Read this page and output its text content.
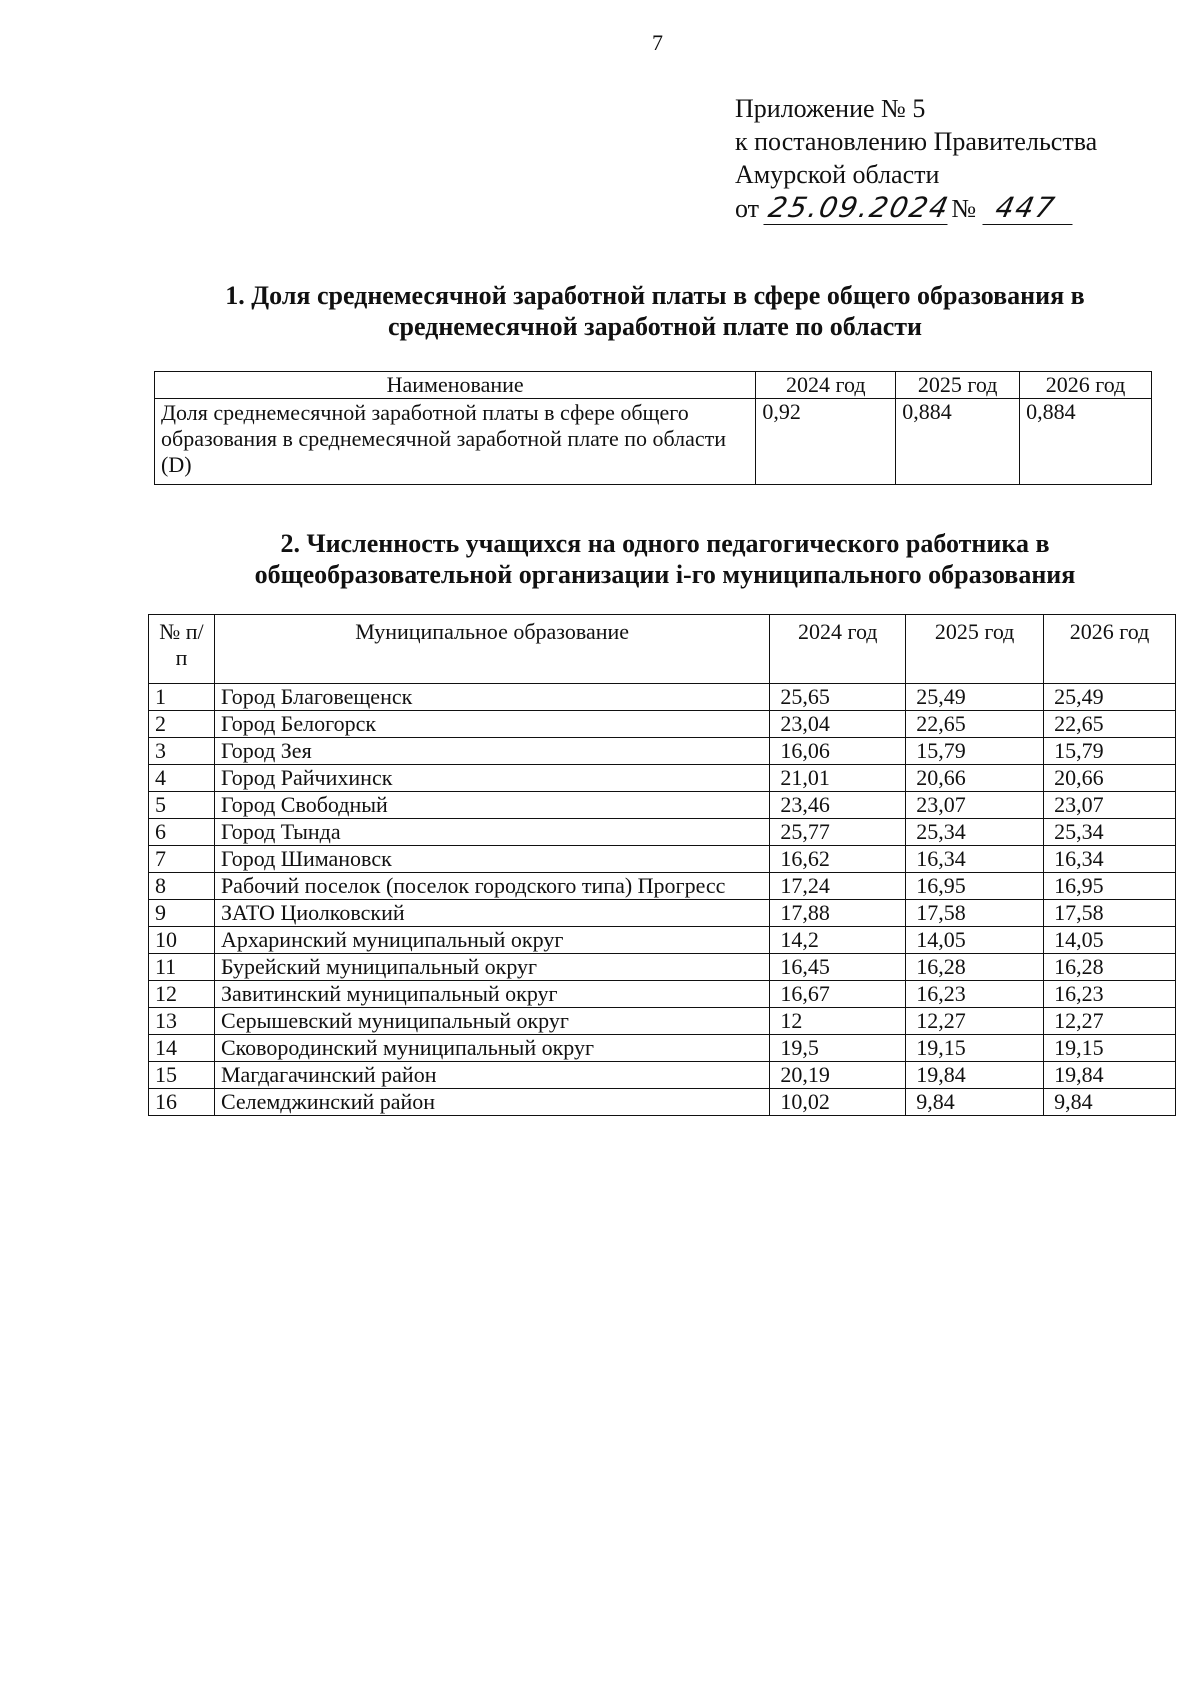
7
Приложение № 5
к постановлению Правительства
Амурской области
от 25.09.2024
№ 447
1. Доля среднемесячной заработной платы в сфере общего образования в среднемесячной заработной плате по области
Наименование	2024 год	2025 год	2026 год
Доля среднемесячной заработной платы в сфере общего образования в среднемесячной заработной плате по области (D)	0,92	0,884	0,884
2. Численность учащихся на одного педагогического работника в общеобразовательной организации i-го муниципального образования
№ п/п	Муниципальное образование	2024 год	2025 год	2026 год
1	Город Благовещенск	25,65	25,49	25,49
2	Город Белогорск	23,04	22,65	22,65
3	Город Зея	16,06	15,79	15,79
4	Город Райчихинск	21,01	20,66	20,66
5	Город Свободный	23,46	23,07	23,07
6	Город Тында	25,77	25,34	25,34
7	Город Шимановск	16,62	16,34	16,34
8	Рабочий поселок (поселок городского типа) Прогресс	17,24	16,95	16,95
9	ЗАТО Циолковский	17,88	17,58	17,58
10	Архаринский муниципальный округ	14,2	14,05	14,05
11	Бурейский муниципальный округ	16,45	16,28	16,28
12	Завитинский муниципальный округ	16,67	16,23	16,23
13	Серышевский муниципальный округ	12	12,27	12,27
14	Сковородинский муниципальный округ	19,5	19,15	19,15
15	Магдагачинский район	20,19	19,84	19,84
16	Селемджинский район	10,02	9,84	9,84
